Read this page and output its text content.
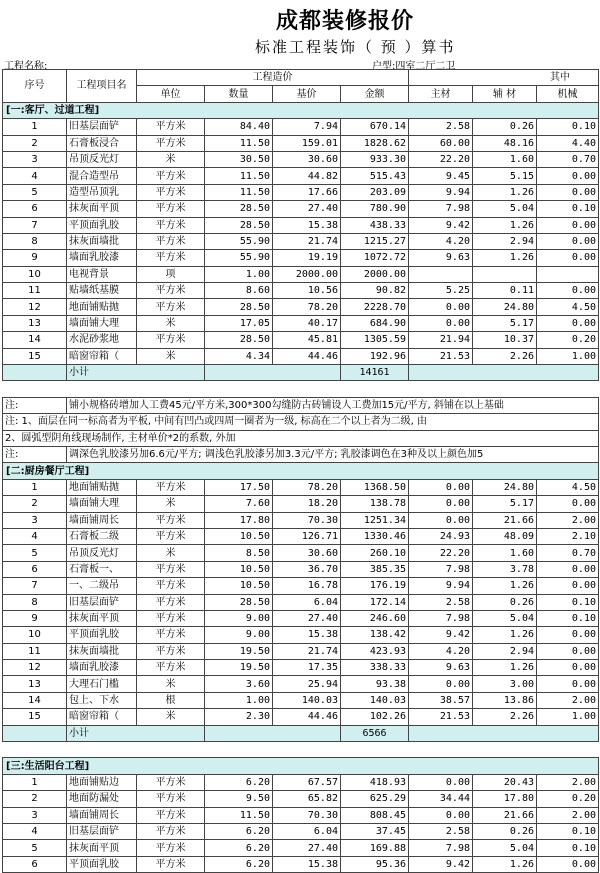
成都装修报价
标准工程装饰（ 预 ）算书
工程名称:	户型:四室二厅二卫
序号	工程项目名	工程造价				其中		
		单位	数量	基价	金额	主材	辅 材	机械
[一:客厅、过道工程]								
1	旧基层面铲	平方米	84.40	7.94	670.14	2.58	0.26	0.10
2	石膏板浸合	平方米	11.50	159.01	1828.62	60.00	48.16	4.40
3	吊顶反光灯	米	30.50	30.60	933.30	22.20	1.60	0.70
4	混合造型吊	平方米	11.50	44.82	515.43	9.45	5.15	0.00
5	造型吊顶乳	平方米	11.50	17.66	203.09	9.94	1.26	0.00
6	抹灰面平顶	平方米	28.50	27.40	780.90	7.98	5.04	0.10
7	平顶面乳胶	平方米	28.50	15.38	438.33	9.42	1.26	0.00
8	抹灰面墙批	平方米	55.90	21.74	1215.27	4.20	2.94	0.00
9	墙面乳胶漆	平方米	55.90	19.19	1072.72	9.63	1.26	0.00
10	电视背景	项	1.00	2000.00	2000.00			
11	贴墙纸基膜	平方米	8.60	10.56	90.82	5.25	0.11	0.00
12	地面铺贴抛	平方米	28.50	78.20	2228.70	0.00	24.80	4.50
13	墙面铺大理	米	17.05	40.17	684.90	0.00	5.17	0.00
14	水泥砂浆地	平方米	28.50	45.81	1305.59	21.94	10.37	0.20
15	暗窗帘箱（	米	4.34	44.46	192.96	21.53	2.26	1.00
	小计				14161			

注:	铺小规格砖增加人工费45元/平方米,300*300勾缝防古砖铺设人工费加15元/平方, 斜铺在以上基础							
注: 1、面层在同一标高者为平板, 中间有凹凸或四周一圈者为一级, 标高在二个以上者为二级, 由								
2、圆弧型阴角线现场制作, 主材单价*2的系数, 外加								
注:	调深色乳胶漆另加6.6元/平方; 调浅色乳胶漆另加3.3元/平方; 乳胶漆调色在3种及以上颜色加5							
[二:厨房餐厅工程]								
1	地面铺贴抛	平方米	17.50	78.20	1368.50	0.00	24.80	4.50
2	墙面铺大理	米	7.60	18.20	138.78	0.00	5.17	0.00
3	墙面铺周长	平方米	17.80	70.30	1251.34	0.00	21.66	2.00
4	石膏板二级	平方米	10.50	126.71	1330.46	24.93	48.09	2.10
5	吊顶反光灯	米	8.50	30.60	260.10	22.20	1.60	0.70
6	石膏板一、	平方米	10.50	36.70	385.35	7.98	3.78	0.00
7	一、二级吊	平方米	10.50	16.78	176.19	9.94	1.26	0.00
8	旧基层面铲	平方米	28.50	6.04	172.14	2.58	0.26	0.10
9	抹灰面平顶	平方米	9.00	27.40	246.60	7.98	5.04	0.10
10	平顶面乳胶	平方米	9.00	15.38	138.42	9.42	1.26	0.00
11	抹灰面墙批	平方米	19.50	21.74	423.93	4.20	2.94	0.00
12	墙面乳胶漆	平方米	19.50	17.35	338.33	9.63	1.26	0.00
13	大理石门槛	米	3.60	25.94	93.38	0.00	3.00	0.00
14	包上、下水	根	1.00	140.03	140.03	38.57	13.86	2.00
15	暗窗帘箱（	米	2.30	44.46	102.26	21.53	2.26	1.00
	小计				6566			

[三:生活阳台工程]								
1	地面铺贴边	平方米	6.20	67.57	418.93	0.00	20.43	2.00
2	地面防漏处	平方米	9.50	65.82	625.29	34.44	17.80	0.20
3	墙面铺周长	平方米	11.50	70.30	808.45	0.00	21.66	2.00
4	旧基层面铲	平方米	6.20	6.04	37.45	2.58	0.26	0.10
5	抹灰面平顶	平方米	6.20	27.40	169.88	7.98	5.04	0.10
6	平顶面乳胶	平方米	6.20	15.38	95.36	9.42	1.26	0.00
